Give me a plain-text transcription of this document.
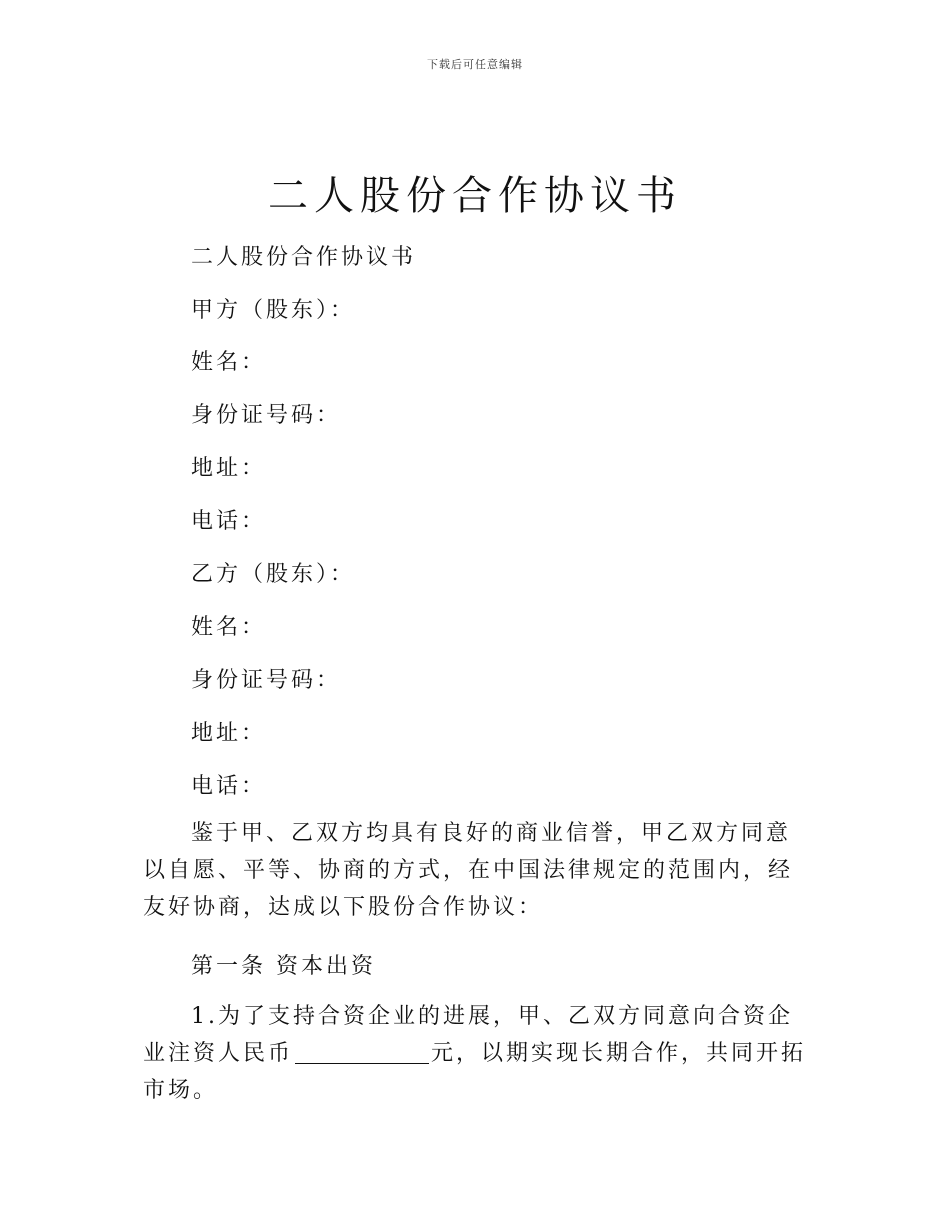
下载后可任意编辑
二人股份合作协议书

二人股份合作协议书

甲方（股东）：

姓名：

身份证号码：

地址：

电话：

乙方（股东）：

姓名：

身份证号码：

地址：

电话：

鉴于甲、乙双方均具有良好的商业信誉，甲乙双方同意以自愿、平等、协商的方式，在中国法律规定的范围内，经友好协商，达成以下股份合作协议：

第一条 资本出资

1.为了支持合资企业的进展，甲、乙双方同意向合资企业注资人民币	元，以期实现长期合作，共同开拓市场。
